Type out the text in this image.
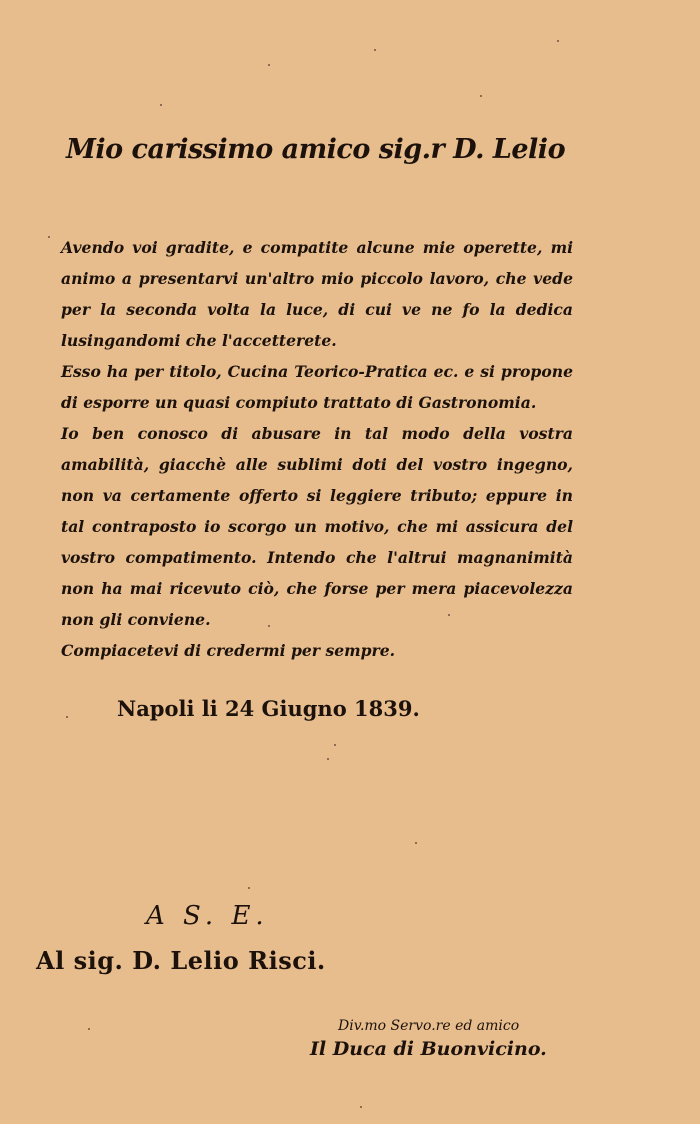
Mio carissimo amico sig.r D. Lelio

Avendo voi gradite, e compatite alcune mie operette, mi animo a presentarvi un'altro mio piccolo lavoro, che vede per la seconda volta la luce, di cui ve ne fo la dedica lusingandomi che l'accetterete.

Esso ha per titolo, Cucina Teorico-Pratica ec. e si propone di esporre un quasi compiuto trattato di Gastronomia.

Io ben conosco di abusare in tal modo della vostra amabilità, giacchè alle sublimi doti del vostro ingegno, non va certamente offerto si leggiere tributo; eppure in tal contraposto io scorgo un motivo, che mi assicura del vostro compatimento. Intendo che l'altrui magnanimità non ha mai ricevuto ciò, che forse per mera piacevolezza non gli conviene.

Compiacetevi di credermi per sempre.

Napoli li 24 Giugno 1839.
A S. E.
Al sig. D. Lelio Risci.
Div.mo Servo.re ed amico
Il Duca di Buonvicino.
